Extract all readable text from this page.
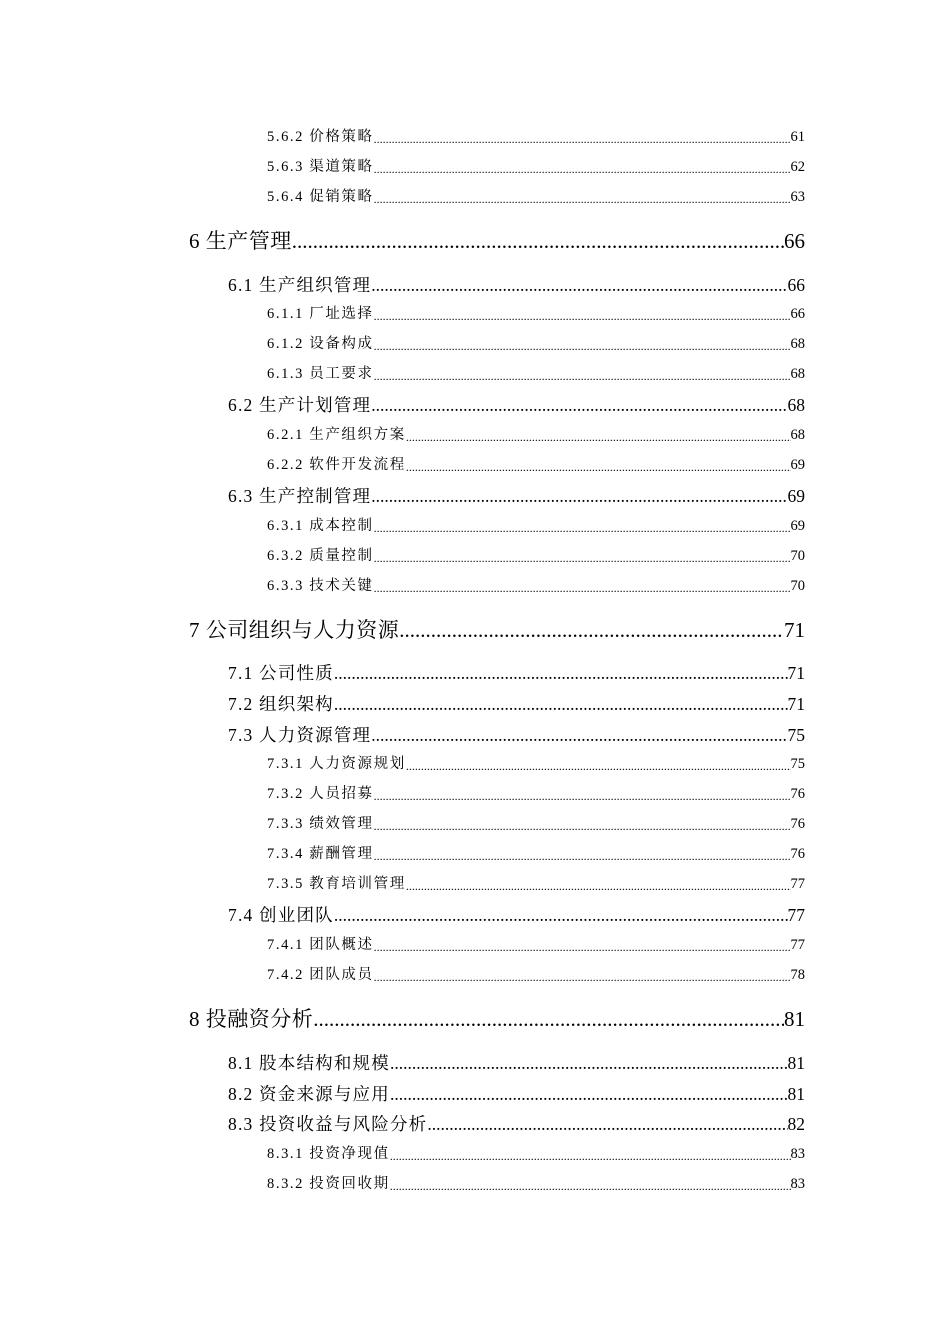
5.6.2 价格策略 .....	61
5.6.3 渠道策略 .....	62
5.6.4 促销策略 .....	63
6 生产管理 .....	66
6.1 生产组织管理 .....	66
6.1.1 厂址选择 .....	66
6.1.2 设备构成 .....	68
6.1.3 员工要求 .....	68
6.2 生产计划管理 .....	68
6.2.1 生产组织方案 .....	68
6.2.2 软件开发流程 .....	69
6.3 生产控制管理 .....	69
6.3.1 成本控制 .....	69
6.3.2 质量控制 .....	70
6.3.3 技术关键 .....	70
7 公司组织与人力资源 .....	71
7.1 公司性质 .....	71
7.2 组织架构 .....	71
7.3 人力资源管理 .....	75
7.3.1 人力资源规划 .....	75
7.3.2 人员招募 .....	76
7.3.3 绩效管理 .....	76
7.3.4 薪酬管理 .....	76
7.3.5 教育培训管理 .....	77
7.4 创业团队 .....	77
7.4.1 团队概述 .....	77
7.4.2 团队成员 .....	78
8 投融资分析 .....	81
8.1 股本结构和规模 .....	81
8.2 资金来源与应用 .....	81
8.3 投资收益与风险分析 .....	82
8.3.1 投资净现值 .....	83
8.3.2 投资回收期 .....	83
